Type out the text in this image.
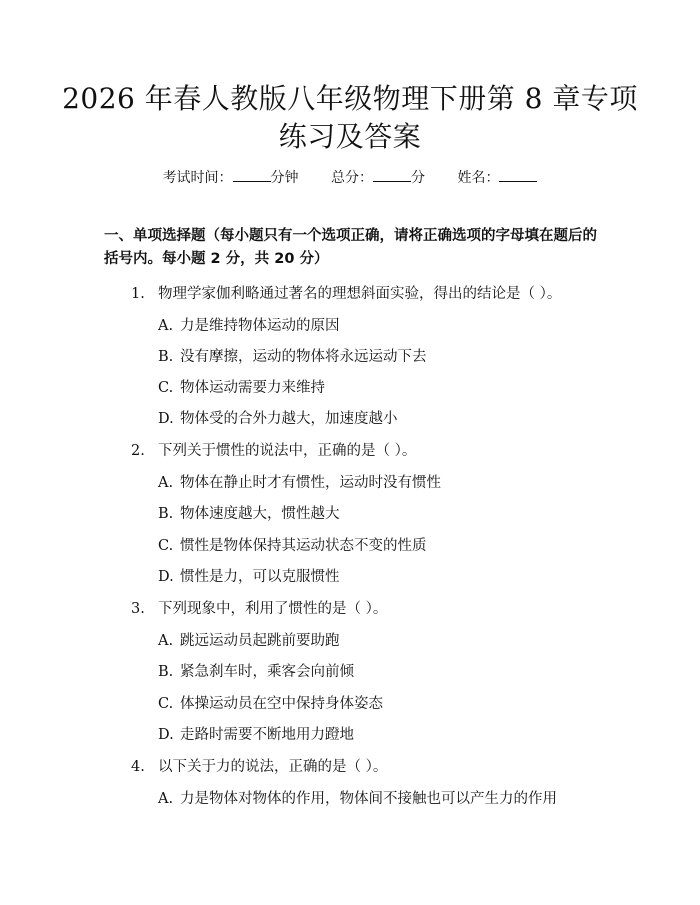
2026 年春人教版八年级物理下册第 8 章专项
练习及答案
考试时间：	分钟 总分：	分 姓名：
一、单项选择题（每小题只有一个选项正确，请将正确选项的字母填在题后的括号内。每小题 2 分，共 20 分）
1. 物理学家伽利略通过著名的理想斜面实验，得出的结论是（ ）。
A. 力是维持物体运动的原因
B. 没有摩擦，运动的物体将永远运动下去
C. 物体运动需要力来维持
D. 物体受的合外力越大，加速度越小
2. 下列关于惯性的说法中，正确的是（ ）。
A. 物体在静止时才有惯性，运动时没有惯性
B. 物体速度越大，惯性越大
C. 惯性是物体保持其运动状态不变的性质
D. 惯性是力，可以克服惯性
3. 下列现象中，利用了惯性的是（ ）。
A. 跳远运动员起跳前要助跑
B. 紧急刹车时，乘客会向前倾
C. 体操运动员在空中保持身体姿态
D. 走路时需要不断地用力蹬地
4. 以下关于力的说法，正确的是（ ）。
A. 力是物体对物体的作用，物体间不接触也可以产生力的作用
